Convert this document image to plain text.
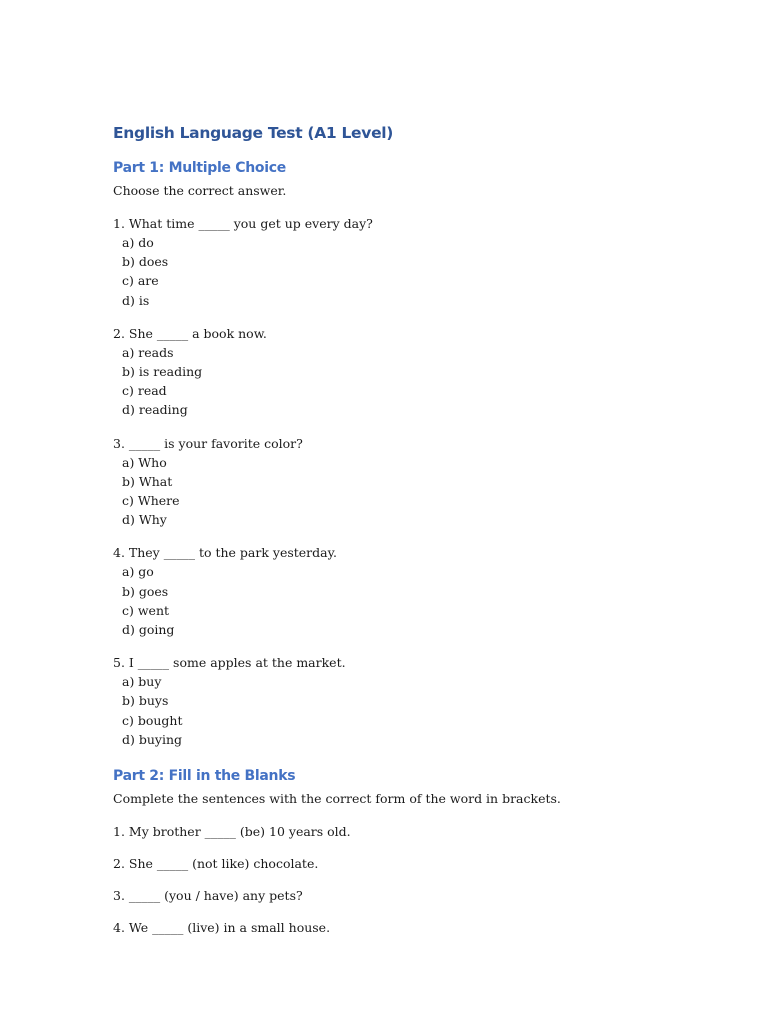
English Language Test (A1 Level)
Part 1: Multiple Choice

Choose the correct answer.

1. What time _____ you get up every day?

a) do

b) does

c) are

d) is

2. She _____ a book now.

a) reads

b) is reading

c) read

d) reading

3. _____ is your favorite color?

a) Who

b) What

c) Where

d) Why

4. They _____ to the park yesterday.

a) go

b) goes

c) went

d) going

5. I _____ some apples at the market.

a) buy

b) buys

c) bought

d) buying

Part 2: Fill in the Blanks

Complete the sentences with the correct form of the word in brackets.

1. My brother _____ (be) 10 years old.

2. She _____ (not like) chocolate.

3. _____ (you / have) any pets?

4. We _____ (live) in a small house.
